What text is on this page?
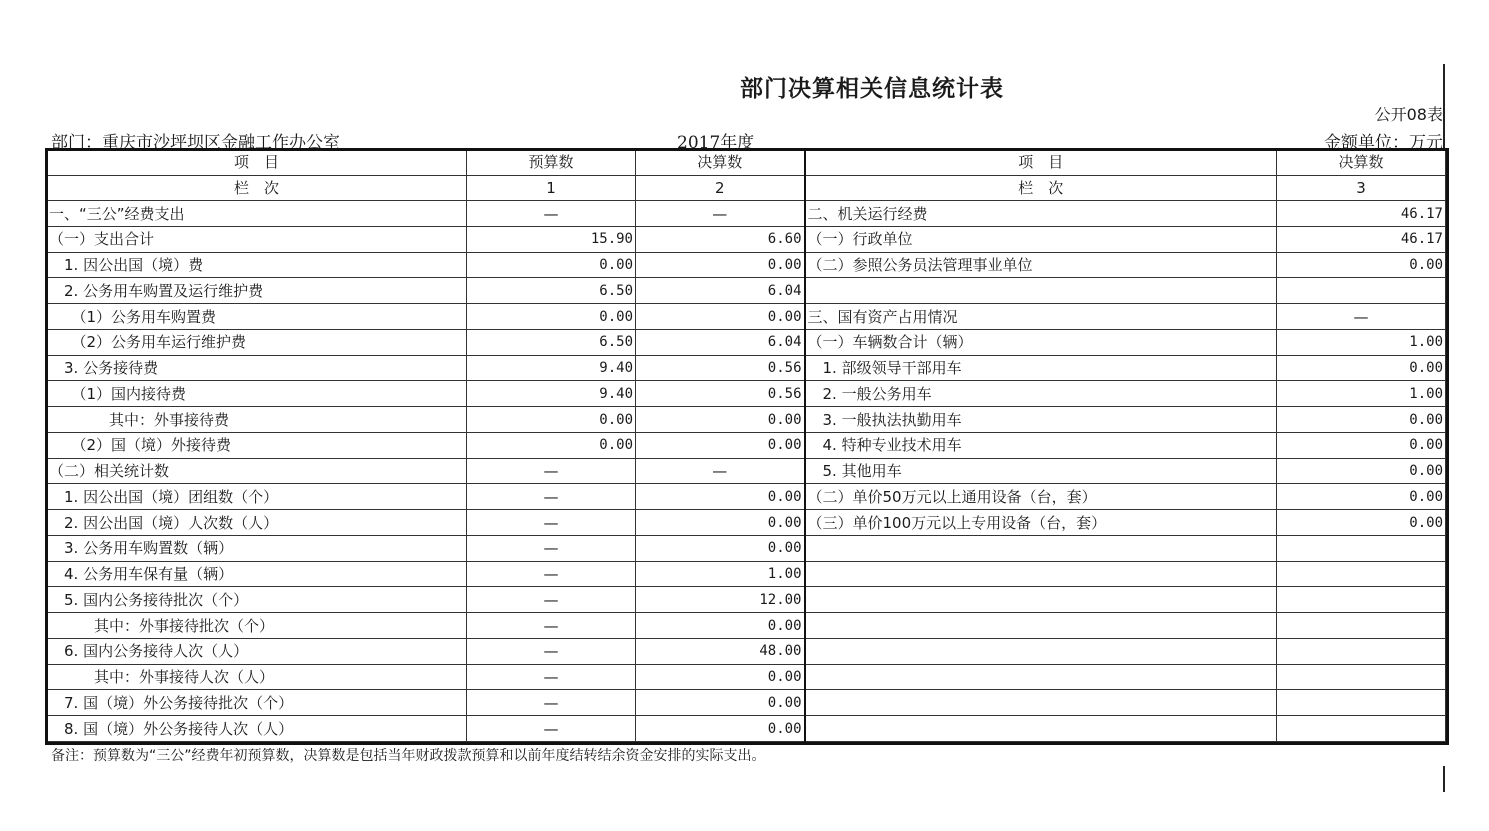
部门决算相关信息统计表
公开08表
部门：重庆市沙坪坝区金融工作办公室	2017年度	金额单位：万元
项　目	预算数	决算数	项　目	决算数
栏　次	1	2	栏　次	3
一、“三公”经费支出	—	—	二、机关运行经费	46.17
（一）支出合计	15.90	6.60	（一）行政单位	46.17
　1. 因公出国（境）费	0.00	0.00	（二）参照公务员法管理事业单位	0.00
　2. 公务用车购置及运行维护费	6.50	6.04		
　　（1）公务用车购置费	0.00	0.00	三、国有资产占用情况	—
　　（2）公务用车运行维护费	6.50	6.04	（一）车辆数合计（辆）	1.00
　3. 公务接待费	9.40	0.56	　1. 部级领导干部用车	0.00
　　（1）国内接待费	9.40	0.56	　2. 一般公务用车	1.00
　　　　其中：外事接待费	0.00	0.00	　3. 一般执法执勤用车	0.00
　　（2）国（境）外接待费	0.00	0.00	　4. 特种专业技术用车	0.00
（二）相关统计数	—	—	　5. 其他用车	0.00
　1. 因公出国（境）团组数（个）	—	0.00	（二）单价50万元以上通用设备（台，套）	0.00
　2. 因公出国（境）人次数（人）	—	0.00	（三）单价100万元以上专用设备（台，套）	0.00
　3. 公务用车购置数（辆）	—	0.00		
　4. 公务用车保有量（辆）	—	1.00		
　5. 国内公务接待批次（个）	—	12.00		
　　　其中：外事接待批次（个）	—	0.00		
　6. 国内公务接待人次（人）	—	48.00		
　　　其中：外事接待人次（人）	—	0.00		
　7. 国（境）外公务接待批次（个）	—	0.00		
　8. 国（境）外公务接待人次（人）	—	0.00		
备注：预算数为“三公”经费年初预算数，决算数是包括当年财政拨款预算和以前年度结转结余资金安排的实际支出。
